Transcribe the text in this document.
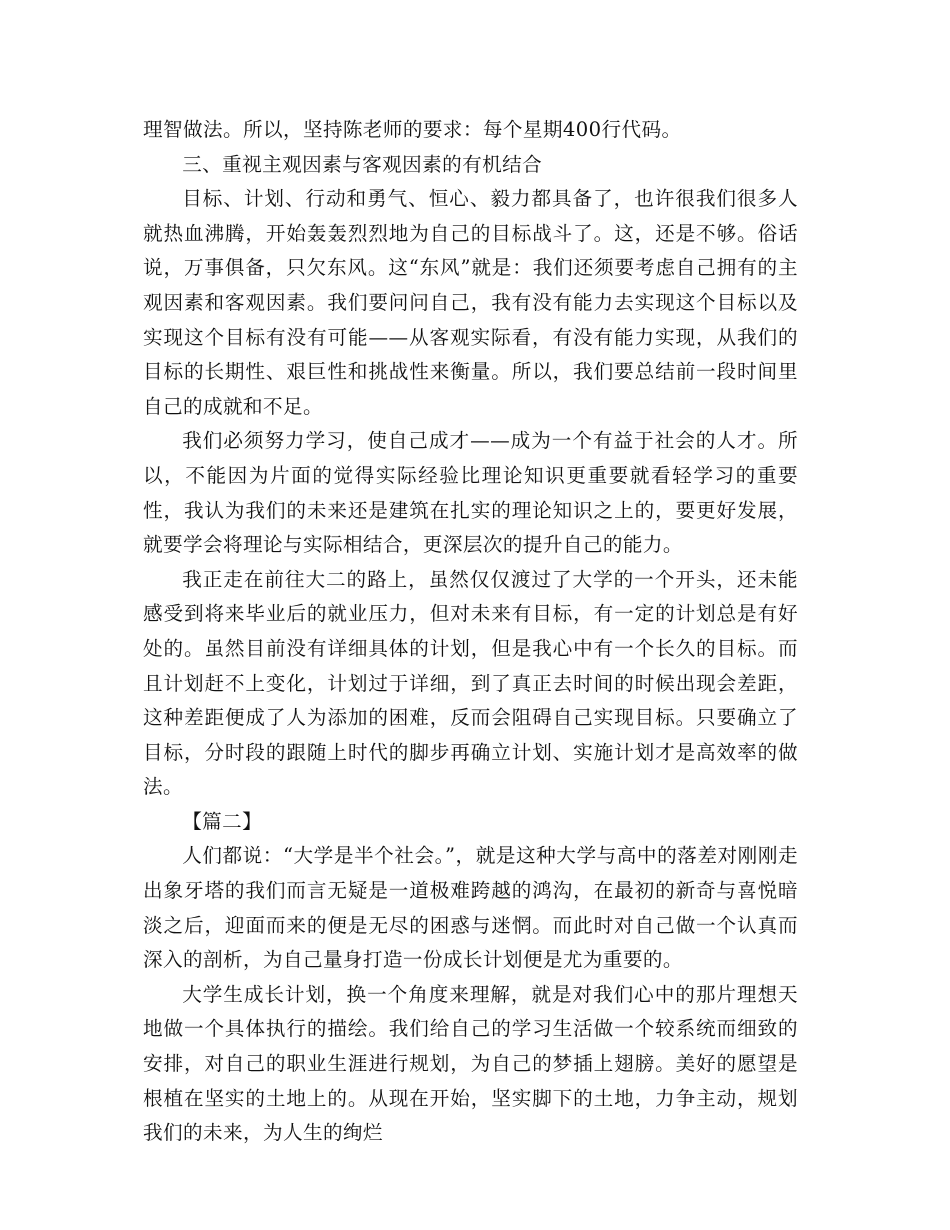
理智做法。所以，坚持陈老师的要求：每个星期400行代码。

三、重视主观因素与客观因素的有机结合

目标、计划、行动和勇气、恒心、毅力都具备了，也许很我们很多人就热血沸腾，开始轰轰烈烈地为自己的目标战斗了。这，还是不够。俗话说，万事俱备，只欠东风。这“东风”就是：我们还须要考虑自己拥有的主观因素和客观因素。我们要问问自己，我有没有能力去实现这个目标以及实现这个目标有没有可能——从客观实际看，有没有能力实现，从我们的目标的长期性、艰巨性和挑战性来衡量。所以，我们要总结前一段时间里自己的成就和不足。

我们必须努力学习，使自己成才——成为一个有益于社会的人才。所以，不能因为片面的觉得实际经验比理论知识更重要就看轻学习的重要性，我认为我们的未来还是建筑在扎实的理论知识之上的，要更好发展，就要学会将理论与实际相结合，更深层次的提升自己的能力。

我正走在前往大二的路上，虽然仅仅渡过了大学的一个开头，还未能感受到将来毕业后的就业压力，但对未来有目标，有一定的计划总是有好处的。虽然目前没有详细具体的计划，但是我心中有一个长久的目标。而且计划赶不上变化，计划过于详细，到了真正去时间的时候出现会差距，这种差距便成了人为添加的困难，反而会阻碍自己实现目标。只要确立了目标，分时段的跟随上时代的脚步再确立计划、实施计划才是高效率的做法。

【篇二】

人们都说：“大学是半个社会。”，就是这种大学与高中的落差对刚刚走出象牙塔的我们而言无疑是一道极难跨越的鸿沟，在最初的新奇与喜悦暗淡之后，迎面而来的便是无尽的困惑与迷惘。而此时对自己做一个认真而深入的剖析，为自己量身打造一份成长计划便是尤为重要的。

大学生成长计划，换一个角度来理解，就是对我们心中的那片理想天地做一个具体执行的描绘。我们给自己的学习生活做一个较系统而细致的安排，对自己的职业生涯进行规划，为自己的梦插上翅膀。美好的愿望是根植在坚实的土地上的。从现在开始，坚实脚下的土地，力争主动，规划我们的未来，为人生的绚烂
